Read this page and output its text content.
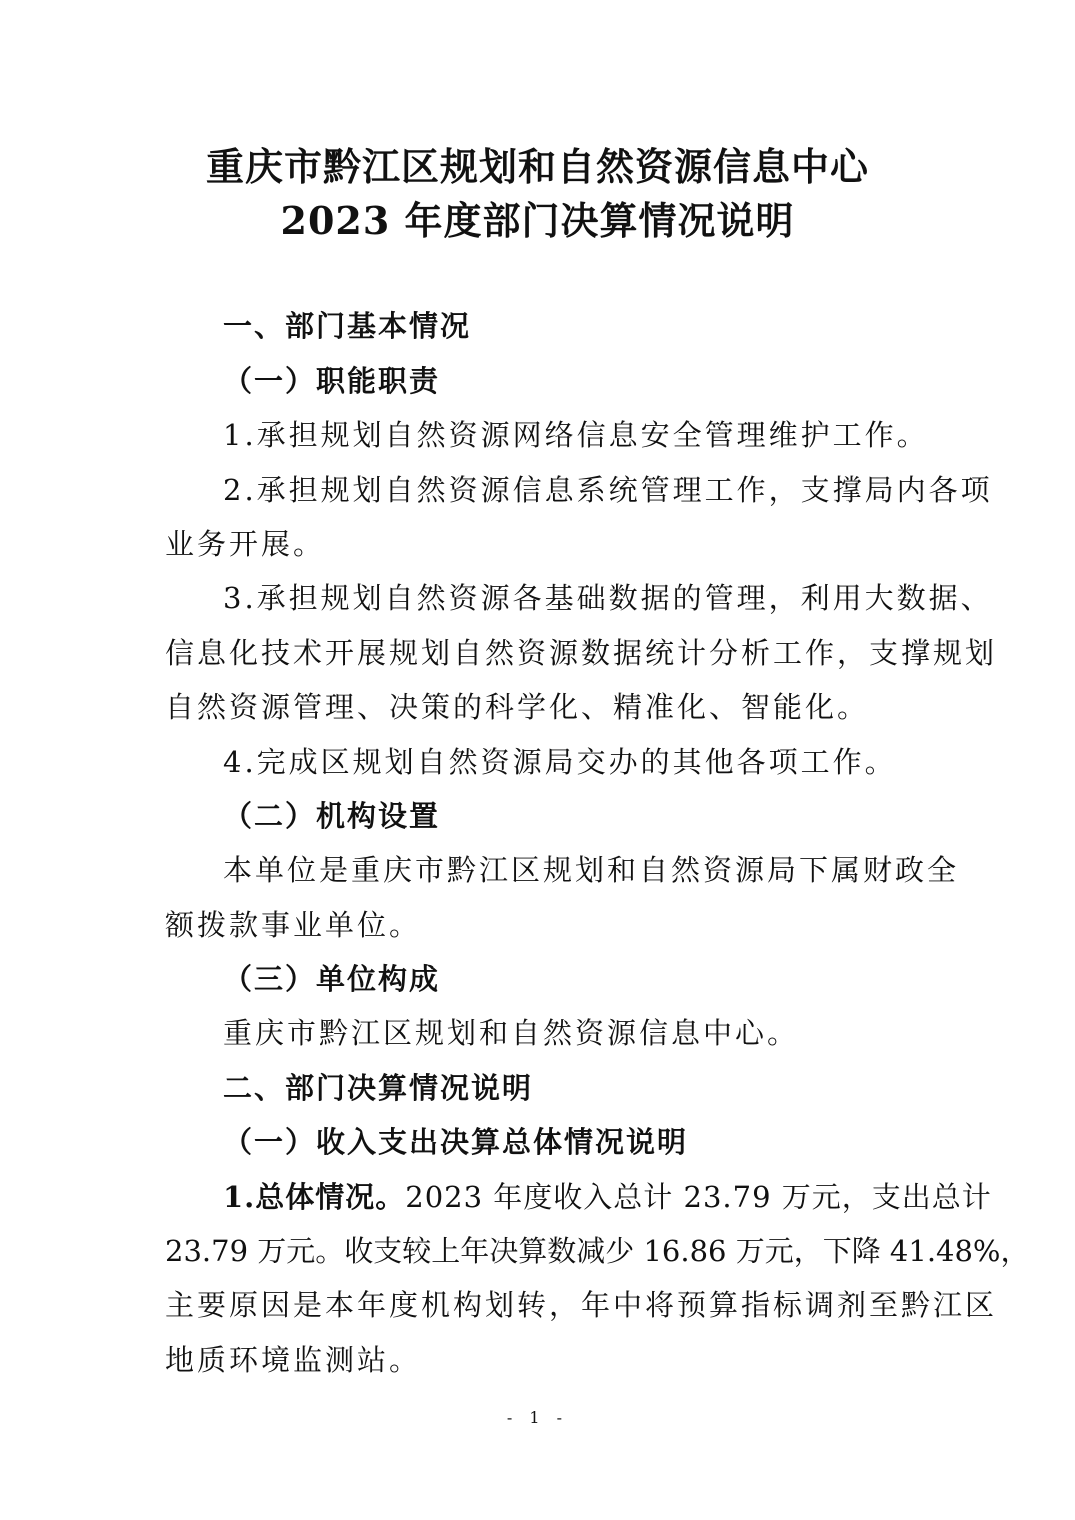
重庆市黔江区规划和自然资源信息中心
2023 年度部门决算情况说明

一、部门基本情况

（一）职能职责

1.承担规划自然资源网络信息安全管理维护工作。

2.承担规划自然资源信息系统管理工作，支撑局内各项

业务开展。

3.承担规划自然资源各基础数据的管理，利用大数据、

信息化技术开展规划自然资源数据统计分析工作，支撑规划

自然资源管理、决策的科学化、精准化、智能化。

4.完成区规划自然资源局交办的其他各项工作。

（二）机构设置

本单位是重庆市黔江区规划和自然资源局下属财政全

额拨款事业单位。

（三）单位构成

重庆市黔江区规划和自然资源信息中心。

二、部门决算情况说明

（一）收入支出决算总体情况说明

1.总体情况。2023 年度收入总计 23.79 万元，支出总计

23.79 万元。收支较上年决算数减少 16.86 万元，下降 41.48%，

主要原因是本年度机构划转，年中将预算指标调剂至黔江区

地质环境监测站。

- 1 -
